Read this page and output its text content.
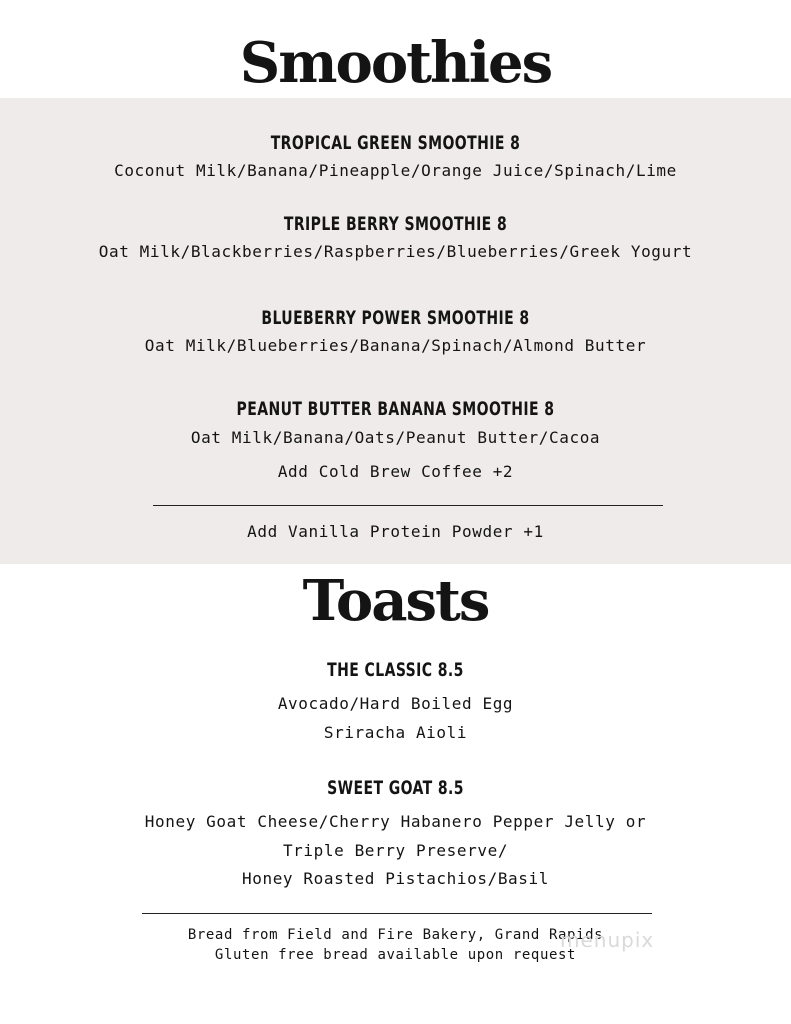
Smoothies
TROPICAL GREEN SMOOTHIE 8
Coconut Milk/Banana/Pineapple/Orange Juice/Spinach/Lime
TRIPLE BERRY SMOOTHIE 8
Oat Milk/Blackberries/Raspberries/Blueberries/Greek Yogurt
BLUEBERRY POWER SMOOTHIE 8
Oat Milk/Blueberries/Banana/Spinach/Almond Butter
PEANUT BUTTER BANANA SMOOTHIE 8
Oat Milk/Banana/Oats/Peanut Butter/Cacoa
Add Cold Brew Coffee +2
Add Vanilla Protein Powder +1
Toasts
THE CLASSIC 8.5
Avocado/Hard Boiled Egg
Sriracha Aioli
SWEET GOAT 8.5
Honey Goat Cheese/Cherry Habanero Pepper Jelly or
Triple Berry Preserve/
Honey Roasted Pistachios/Basil
Bread from Field and Fire Bakery, Grand Rapids
Gluten free bread available upon request
menupix
